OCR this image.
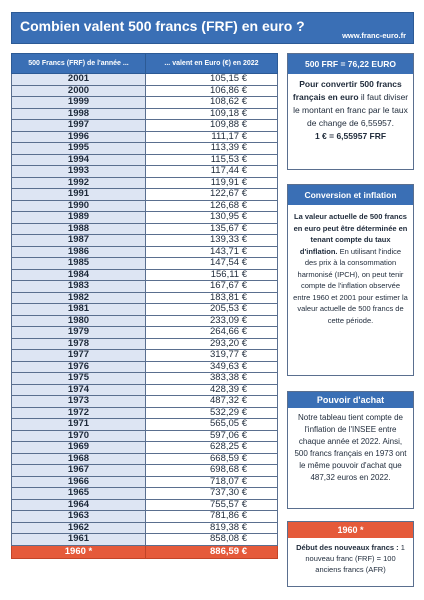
Combien valent 500 francs (FRF) en euro ?
www.franc-euro.fr
500 Francs (FRF) de l'année ...	... valent en Euro (€) en 2022
2001	105,15 €
2000	106,86 €
1999	108,62 €
1998	109,18 €
1997	109,88 €
1996	111,17 €
1995	113,39 €
1994	115,53 €
1993	117,44 €
1992	119,91 €
1991	122,67 €
1990	126,68 €
1989	130,95 €
1988	135,67 €
1987	139,33 €
1986	143,71 €
1985	147,54 €
1984	156,11 €
1983	167,67 €
1982	183,81 €
1981	205,53 €
1980	233,09 €
1979	264,66 €
1978	293,20 €
1977	319,77 €
1976	349,63 €
1975	383,38 €
1974	428,39 €
1973	487,32 €
1972	532,29 €
1971	565,05 €
1970	597,06 €
1969	628,25 €
1968	668,59 €
1967	698,68 €
1966	718,07 €
1965	737,30 €
1964	755,57 €
1963	781,86 €
1962	819,38 €
1961	858,08 €
1960 *	886,59 €
500 FRF = 76,22 EURO
Pour convertir 500 francs français en euro il faut diviser le montant en franc par le taux de change de 6,55957.
1 € = 6,55957 FRF
Conversion et inflation
La valeur actuelle de 500 francs en euro peut être déterminée en tenant compte du taux d'inflation. En utilisant l'indice des prix à la consommation harmonisé (IPCH), on peut tenir compte de l'inflation observée entre 1960 et 2001 pour estimer la valeur actuelle de 500 francs de cette période.
Pouvoir d'achat
Notre tableau tient compte de l'inflation de l'INSEE entre chaque année et 2022. Ainsi, 500 francs français en 1973 ont le même pouvoir d'achat que 487,32 euros en 2022.
1960 *
Début des nouveaux francs : 1 nouveau franc (FRF) = 100 anciens francs (AFR)
